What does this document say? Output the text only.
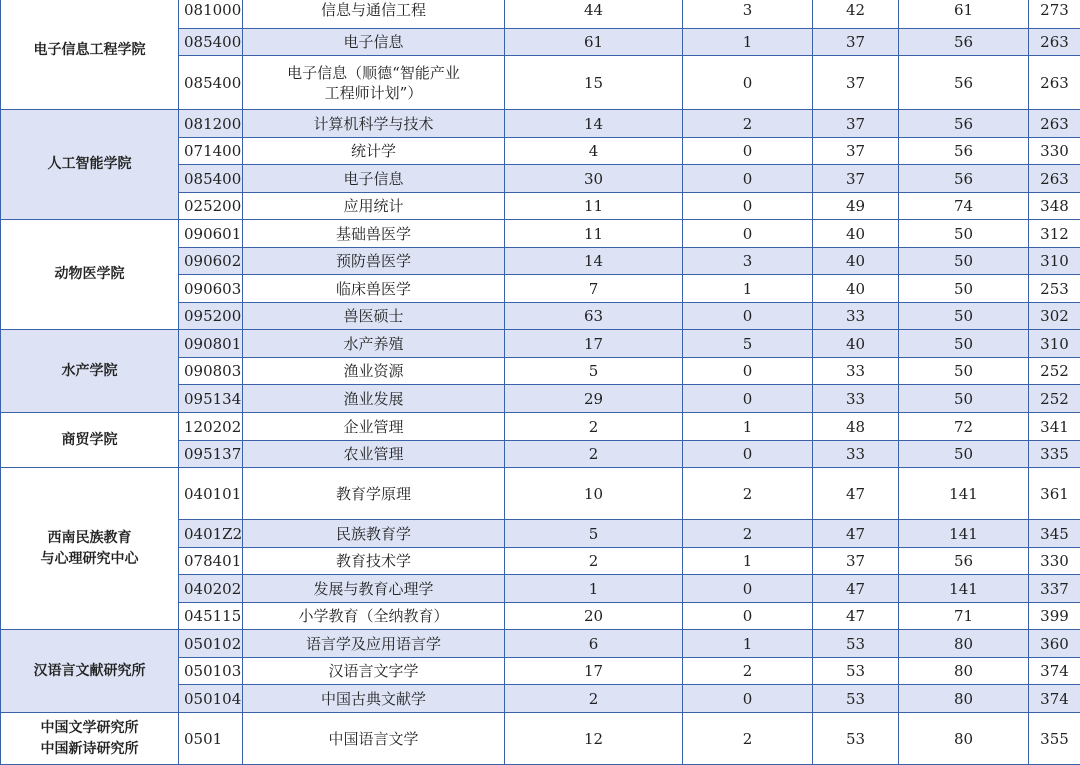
电子信息工程学院	081000	信息与通信工程	44	3	42	61	273
	085400	电子信息	61	1	37	56	263
	085400	电子信息（顺德“智能产业工程师计划”）	15	0	37	56	263
人工智能学院	081200	计算机科学与技术	14	2	37	56	263
	071400	统计学	4	0	37	56	330
	085400	电子信息	30	0	37	56	263
	025200	应用统计	11	0	49	74	348
动物医学院	090601	基础兽医学	11	0	40	50	312
	090602	预防兽医学	14	3	40	50	310
	090603	临床兽医学	7	1	40	50	253
	095200	兽医硕士	63	0	33	50	302
水产学院	090801	水产养殖	17	5	40	50	310
	090803	渔业资源	5	0	33	50	252
	095134	渔业发展	29	0	33	50	252
商贸学院	120202	企业管理	2	1	48	72	341
	095137	农业管理	2	0	33	50	335
西南民族教育
与心理研究中心	040101	教育学原理	10	2	47	141	361
	0401Z2	民族教育学	5	2	47	141	345
	078401	教育技术学	2	1	37	56	330
	040202	发展与教育心理学	1	0	47	141	337
	045115	小学教育（全纳教育）	20	0	47	71	399
汉语言文献研究所	050102	语言学及应用语言学	6	1	53	80	360
	050103	汉语言文字学	17	2	53	80	374
	050104	中国古典文献学	2	0	53	80	374
中国文学研究所
中国新诗研究所	0501	中国语言文学	12	2	53	80	355
